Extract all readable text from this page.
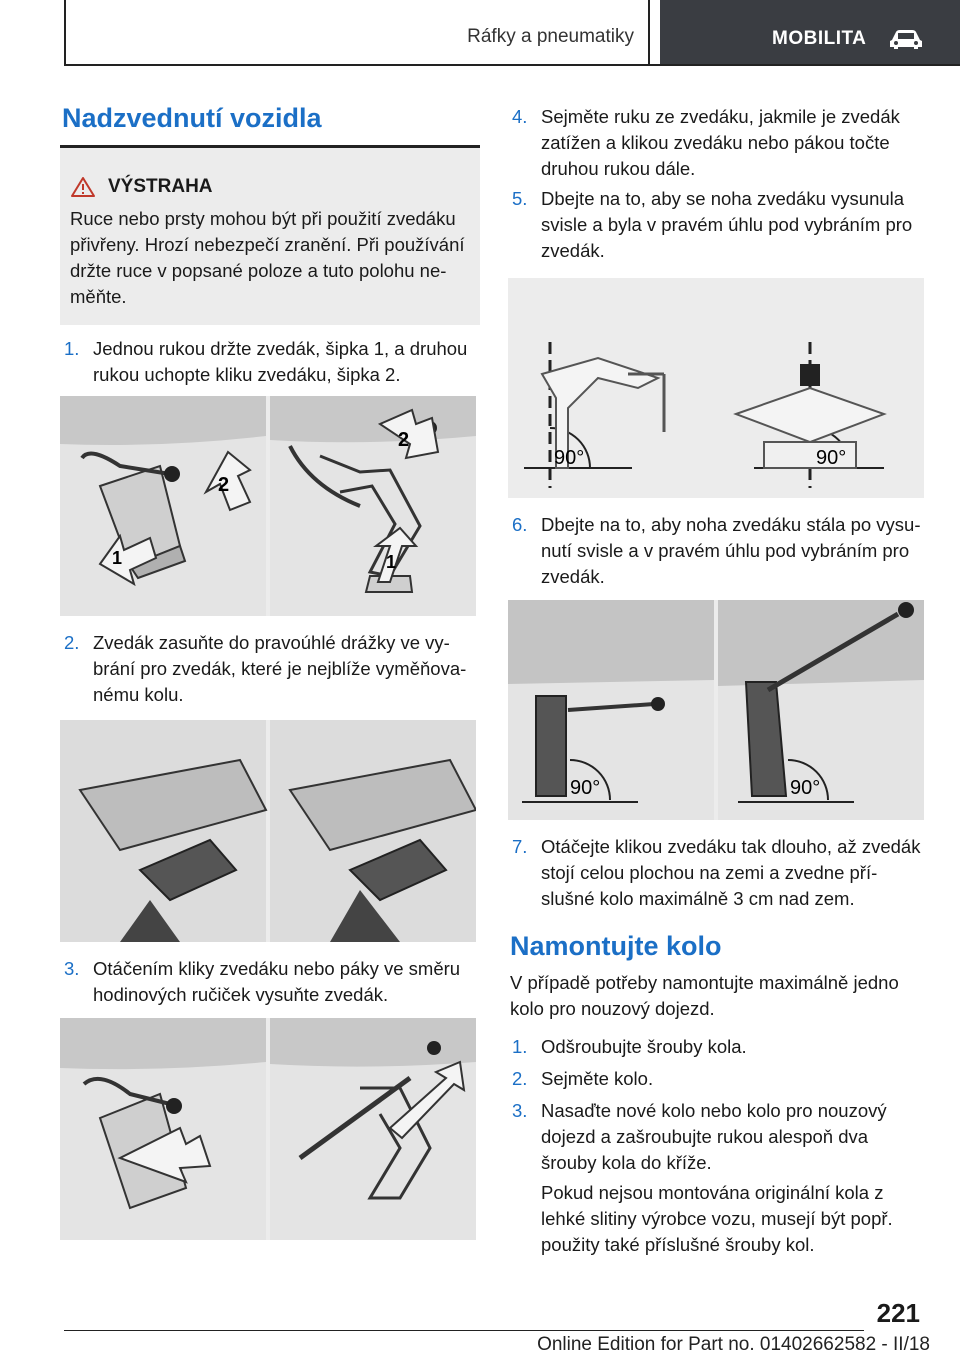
Ráfky a pneumatiky	MOBILITA
Nadzvednutí vozidla
VÝSTRAHA
Ruce nebo prsty mohou být při použití zvedáku přivřeny. Hrozí nebezpečí zranění. Při používání držte ruce v popsané poloze a tuto polohu ne-měňte.
1. Jednou rukou držte zvedák, šipka 1, a druhou rukou uchopte kliku zvedáku, šipka 2.
2
1
2
1
2. Zvedák zasuňte do pravoúhlé drážky ve vy-brání pro zvedák, které je nejblíže vyměňova-nému kolu.
3. Otáčením kliky zvedáku nebo páky ve směru hodinových ručiček vysuňte zvedák.
4. Sejměte ruku ze zvedáku, jakmile je zvedák zatížen a klikou zvedáku nebo pákou točte druhou rukou dále.
5. Dbejte na to, aby se noha zvedáku vysunula svisle a byla v pravém úhlu pod vybráním pro zvedák.
90°	90°
6. Dbejte na to, aby noha zvedáku stála po vysu-nutí svisle a v pravém úhlu pod vybráním pro zvedák.
90°	90°
7. Otáčejte klikou zvedáku tak dlouho, až zvedák stojí celou plochou na zemi a zvedne pří-slušné kolo maximálně 3 cm nad zem.
Namontujte kolo

V případě potřeby namontujte maximálně jedno kolo pro nouzový dojezd.

1. Odšroubujte šrouby kola.
2. Sejměte kolo.
3. Nasaďte nové kolo nebo kolo pro nouzový dojezd a zašroubujte rukou alespoň dva šrouby kola do kříže.

Pokud nejsou montována originální kola z lehké slitiny výrobce vozu, musejí být popř. použity také příslušné šrouby kol.

221
Online Edition for Part no. 01402662582 - II/18
